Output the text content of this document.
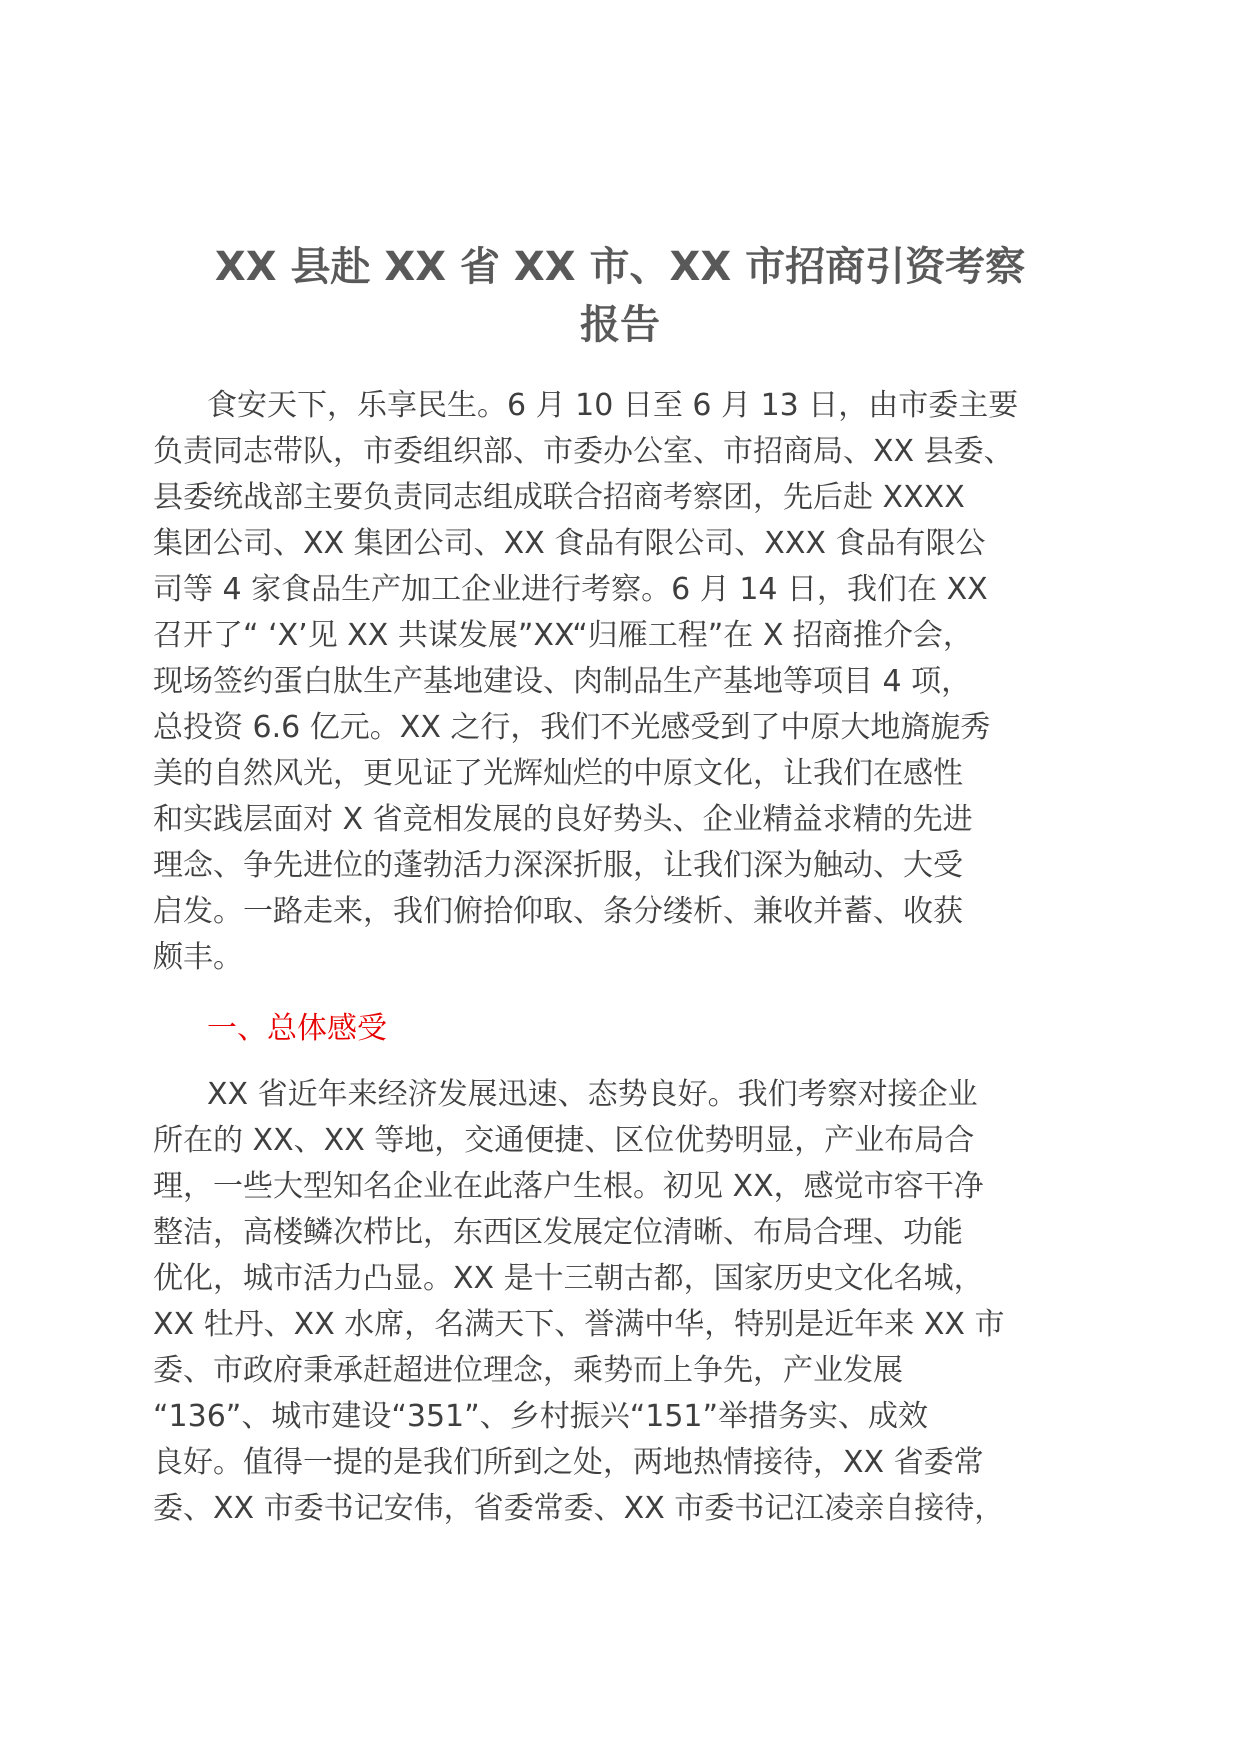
XX 县赴 XX 省 XX 市、XX 市招商引资考察
报告
食安天下，乐享民生。6 月 10 日至 6 月 13 日，由市委主要
负责同志带队，市委组织部、市委办公室、市招商局、XX 县委、
县委统战部主要负责同志组成联合招商考察团，先后赴 XXXX
集团公司、XX 集团公司、XX 食品有限公司、XXX 食品有限公
司等 4 家食品生产加工企业进行考察。6 月 14 日，我们在 XX
召开了“ ‘X’见 XX 共谋发展”XX“归雁工程”在 X 招商推介会，
现场签约蛋白肽生产基地建设、肉制品生产基地等项目 4 项，
总投资 6.6 亿元。XX 之行，我们不光感受到了中原大地旖旎秀
美的自然风光，更见证了光辉灿烂的中原文化，让我们在感性
和实践层面对 X 省竞相发展的良好势头、企业精益求精的先进
理念、争先进位的蓬勃活力深深折服，让我们深为触动、大受
启发。一路走来，我们俯拾仰取、条分缕析、兼收并蓄、收获
颇丰。
一、总体感受
XX 省近年来经济发展迅速、态势良好。我们考察对接企业
所在的 XX、XX 等地，交通便捷、区位优势明显，产业布局合
理，一些大型知名企业在此落户生根。初见 XX，感觉市容干净
整洁，高楼鳞次栉比，东西区发展定位清晰、布局合理、功能
优化，城市活力凸显。XX 是十三朝古都，国家历史文化名城，
XX 牡丹、XX 水席，名满天下、誉满中华，特别是近年来 XX 市
委、市政府秉承赶超进位理念，乘势而上争先，产业发展
“136”、城市建设“351”、乡村振兴“151”举措务实、成效
良好。值得一提的是我们所到之处，两地热情接待，XX 省委常
委、XX 市委书记安伟，省委常委、XX 市委书记江凌亲自接待，
